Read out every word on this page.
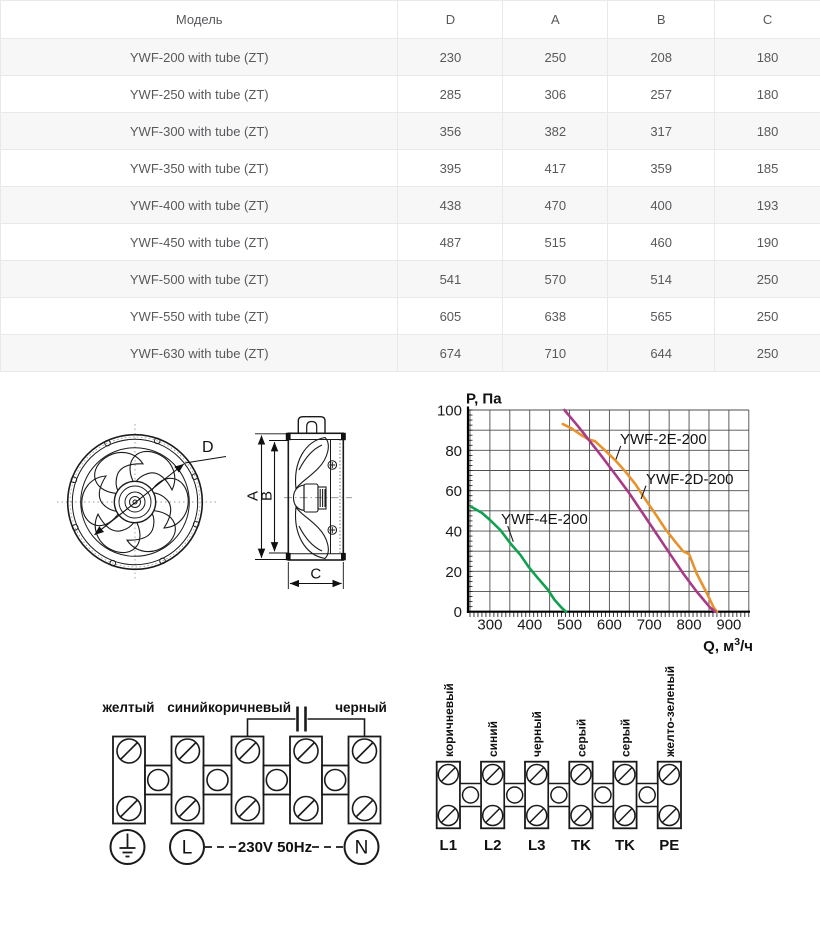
Модель	D	A	B	C
YWF-200 with tube (ZT)	230	250	208	180
YWF-250 with tube (ZT)	285	306	257	180
YWF-300 with tube (ZT)	356	382	317	180
YWF-350 with tube (ZT)	395	417	359	185
YWF-400 with tube (ZT)	438	470	400	193
YWF-450 with tube (ZT)	487	515	460	190
YWF-500 with tube (ZT)	541	570	514	250
YWF-550 with tube (ZT)	605	638	565	250
YWF-630 with tube (ZT)	674	710	644	250
D
A
B
C
300 400 500 600 700 800 900
0
20
40
60
80
100
P, Па
Q, $м^3/ч$
YWF-2E-200
YWF-2D-200
YWF-4E-200
желтый синий коричневый	черный
L	N
230V 50Hz
коричневый	синий	черный	серый	серый	желто-зеленый
L1 L2 L3 TK TK PE
